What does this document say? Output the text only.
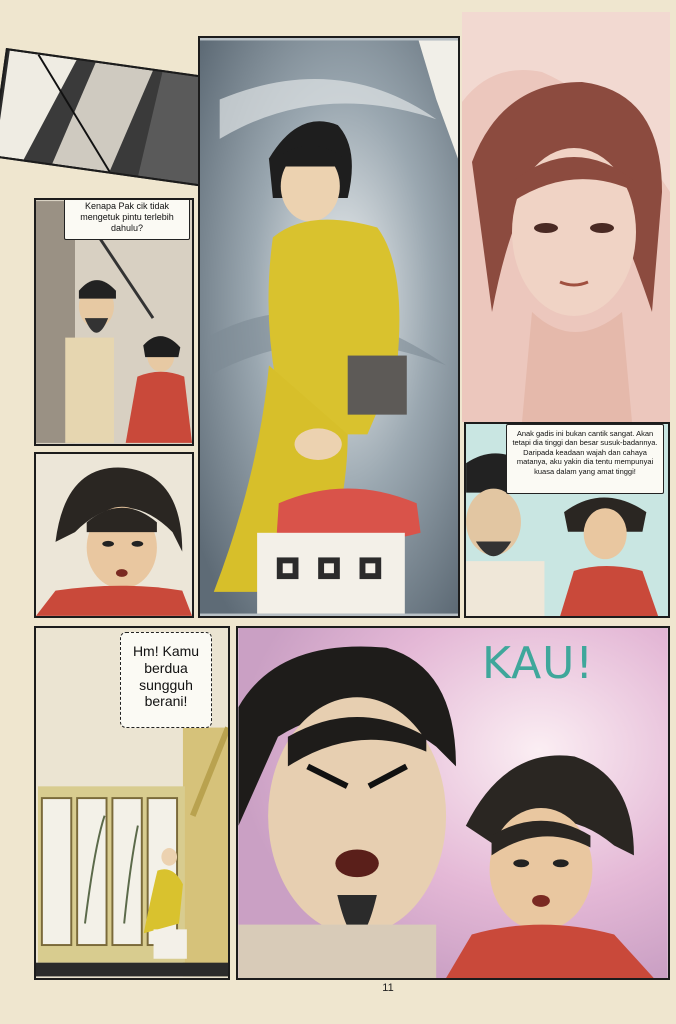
Kenapa Pak cik tidak mengetuk pintu terlebih dahulu?
Anak gadis ini bukan cantik sangat. Akan tetapi dia tinggi dan besar susuk-badannya. Daripada keadaan wajah dan cahaya matanya, aku yakin dia tentu mempunyai kuasa dalam yang amat tinggi!
Hm! Kamu berdua sungguh berani!
KAU!
11
